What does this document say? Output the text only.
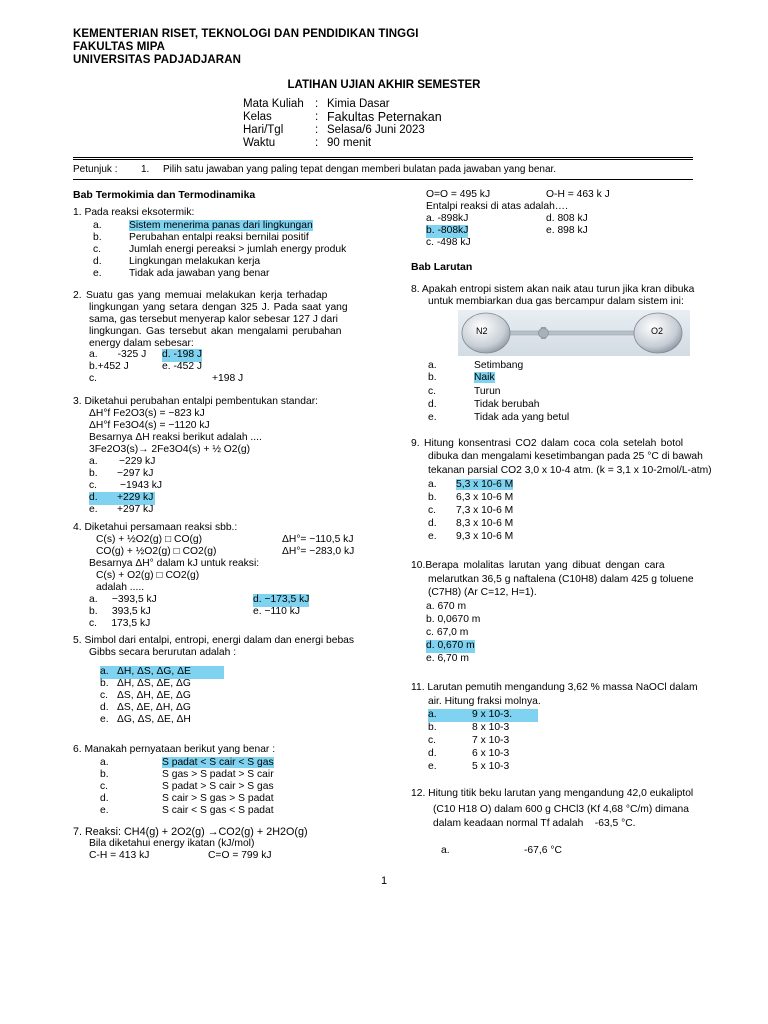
KEMENTERIAN RISET, TEKNOLOGI DAN PENDIDIKAN TINGGI
FAKULTAS MIPA
UNIVERSITAS PADJADJARAN
LATIHAN UJIAN AKHIR SEMESTER
Mata Kuliah : Kimia Dasar
Kelas	: Fakultas Peternakan
Hari/Tgl	: Selasa/6 Juni 2023
Waktu	: 90 menit
Petunjuk : 1. Pilih satu jawaban yang paling tepat dengan memberi bulatan pada jawaban yang benar.
Bab Termokimia dan Termodinamika
1. Pada reaksi eksotermik:
a.	Sistem menerima panas dari lingkungan
b.	Perubahan entalpi reaksi bernilai positif
c.	Jumlah energi pereaksi > jumlah energy produk
d.	Lingkungan melakukan kerja
e.	Tidak ada jawaban yang benar
2. Suatu gas yang memuai melakukan kerja terhadap
lingkungan yang setara dengan 325 J. Pada saat yang
sama, gas tersebut menyerap kalor sebesar 127 J dari
lingkungan. Gas tersebut akan mengalami perubahan
energy dalam sebesar:
a.       -325 J d. -198 J
b.+452 J	e. -452 J
c.	+198 J
3. Diketahui perubahan entalpi pembentukan standar:
ΔH°f Fe2O3(s) = −823 kJ
ΔH°f Fe3O4(s) = −1120 kJ
Besarnya ΔH reaksi berikut adalah ....
3Fe2O3(s)→ 2Fe3O4(s) + ½ O2(g)
a. −229 kJ
b. −297 kJ
c. −1943 kJ
d. +229 kJ
e. +297 kJ
4. Diketahui persamaan reaksi sbb.:
C(s) + ½O2(g) □ CO(g)	ΔH°= −110,5 kJ
CO(g) + ½O2(g) □ CO2(g)	ΔH°= −283,0 kJ
Besarnya ΔH° dalam kJ untuk reaksi:
C(s) + O2(g) □ CO2(g)
adalah .....
a.     −393,5 kJ	d. −173,5 kJ
b.     393,5 kJ	e. −110 kJ
c.     173,5 kJ
5. Simbol dari entalpi, entropi, energi dalam dan energi bebas
Gibbs secara berurutan adalah :
a. ΔH, ΔS, ΔG, ΔE
b. ΔH, ΔS, ΔE, ΔG
c. ΔS, ΔH, ΔE, ΔG
d. ΔS, ΔE, ΔH, ΔG
e. ΔG, ΔS, ΔE, ΔH
6. Manakah pernyataan berikut yang benar :
a.	S padat < S cair < S gas
b.	S gas > S padat > S cair
c.	S padat > S cair > S gas
d.	S cair > S gas > S padat
e.	S cair < S gas < S padat
7. Reaksi: CH4(g) + 2O2(g) →CO2(g) + 2H2O(g)
Bila diketahui energy ikatan (kJ/mol)
C-H = 413 kJ	C=O = 799 kJ
O=O = 495 kJ	O-H = 463 k J
Entalpi reaksi di atas adalah….
a. -898kJ	d. 808 kJ
b. -808kJ	e. 898 kJ
c. -498 kJ
Bab Larutan
8. Apakah entropi sistem akan naik atau turun jika kran dibuka
untuk membiarkan dua gas bercampur dalam sistem ini:
N2	O2
a.	Setimbang
b.	Naik
c.	Turun
d.	Tidak berubah
e.	Tidak ada yang betul
9. Hitung konsentrasi CO2 dalam coca cola setelah botol
dibuka dan mengalami kesetimbangan pada 25 °C di bawah
tekanan parsial CO2 3,0 x 10-4 atm. (k = 3,1 x 10-2mol/L-atm)
a. 5,3 x 10-6 M
b. 6,3 x 10-6 M
c. 7,3 x 10-6 M
d. 8,3 x 10-6 M
e. 9,3 x 10-6 M
10.Berapa molalitas larutan yang dibuat dengan cara
melarutkan 36,5 g naftalena (C10H8) dalam 425 g toluene
(C7H8) (Ar C=12, H=1).
a. 670 m
b. 0,0670 m
c. 67,0 m
d. 0,670 m
e. 6,70 m
11. Larutan pemutih mengandung 3,62 % massa NaOCl dalam
air. Hitung fraksi molnya.
a.	9 x 10-3.
b.	8 x 10-3
c.	7 x 10-3
d.	6 x 10-3
e.	5 x 10-3
12. Hitung titik beku larutan yang mengandung 42,0 eukaliptol
(C10 H18 O) dalam 600 g CHCl3 (Kf 4,68 °C/m) dimana
dalam keadaan normal Tf adalah    -63,5 °C.
a.	-67,6 °C
1
